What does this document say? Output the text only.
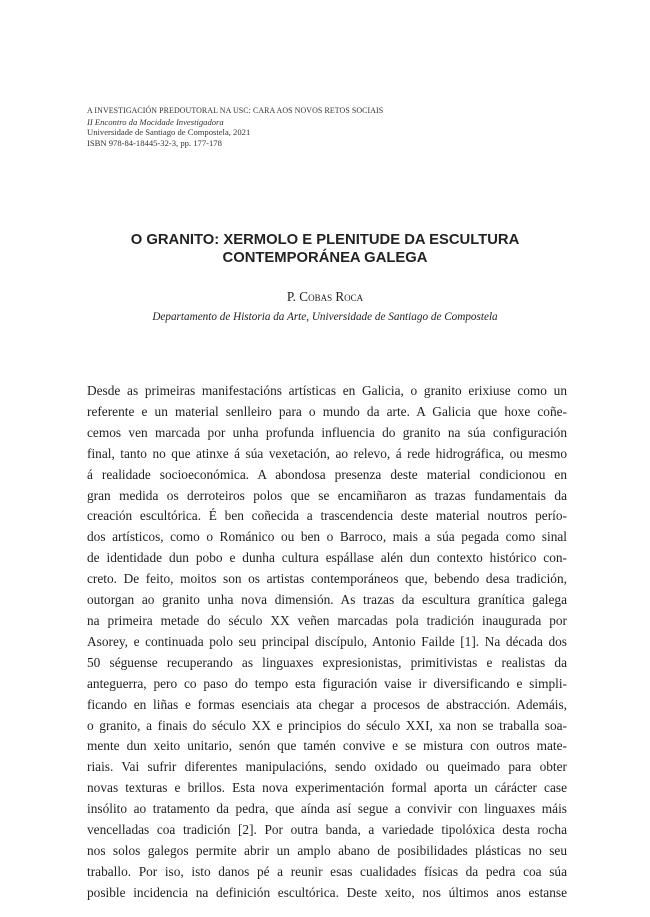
A INVESTIGACIÓN PREDOUTORAL NA USC: CARA AOS NOVOS RETOS SOCIAIS
II Encontro da Mocidade Investigadora
Universidade de Santiago de Compostela, 2021
ISBN 978-84-18445-32-3, pp. 177-178
O GRANITO: XERMOLO E PLENITUDE DA ESCULTURA
CONTEMPORÁNEA GALEGA
P. Cobas Roca
Departamento de Historia da Arte, Universidade de Santiago de Compostela
Desde as primeiras manifestacións artísticas en Galicia, o granito erixiuse como un
referente e un material senlleiro para o mundo da arte. A Galicia que hoxe coñe-
cemos ven marcada por unha profunda influencia do granito na súa configuración
final, tanto no que atinxe á súa vexetación, ao relevo, á rede hidrográfica, ou mesmo
á realidade socioeconómica. A abondosa presenza deste material condicionou en
gran medida os derroteiros polos que se encamiñaron as trazas fundamentais da
creación escultórica. É ben coñecida a trascendencia deste material noutros perío-
dos artísticos, como o Románico ou ben o Barroco, mais a súa pegada como sinal
de identidade dun pobo e dunha cultura espállase alén dun contexto histórico con-
creto. De feito, moitos son os artistas contemporáneos que, bebendo desa tradición,
outorgan ao granito unha nova dimensión. As trazas da escultura granítica galega
na primeira metade do século XX veñen marcadas pola tradición inaugurada por
Asorey, e continuada polo seu principal discípulo, Antonio Failde [1]. Na década dos
50 séguense recuperando as linguaxes expresionistas, primitivistas e realistas da
anteguerra, pero co paso do tempo esta figuración vaise ir diversificando e simpli-
ficando en liñas e formas esenciais ata chegar a procesos de abstracción. Ademáis,
o granito, a finais do século XX e principios do século XXI, xa non se traballa soa-
mente dun xeito unitario, senón que tamén convive e se mistura con outros mate-
riais. Vai sufrir diferentes manipulacións, sendo oxidado ou queimado para obter
novas texturas e brillos. Esta nova experimentación formal aporta un cárácter case
insólito ao tratamento da pedra, que aínda así segue a convivir con linguaxes máis
vencelladas coa tradición [2]. Por outra banda, a variedade tipolóxica desta rocha
nos solos galegos permite abrir un amplo abano de posibilidades plásticas no seu
traballo. Por iso, isto danos pé a reunir esas cualidades físicas da pedra coa súa
posible incidencia na definición escultórica. Deste xeito, nos últimos anos estanse
